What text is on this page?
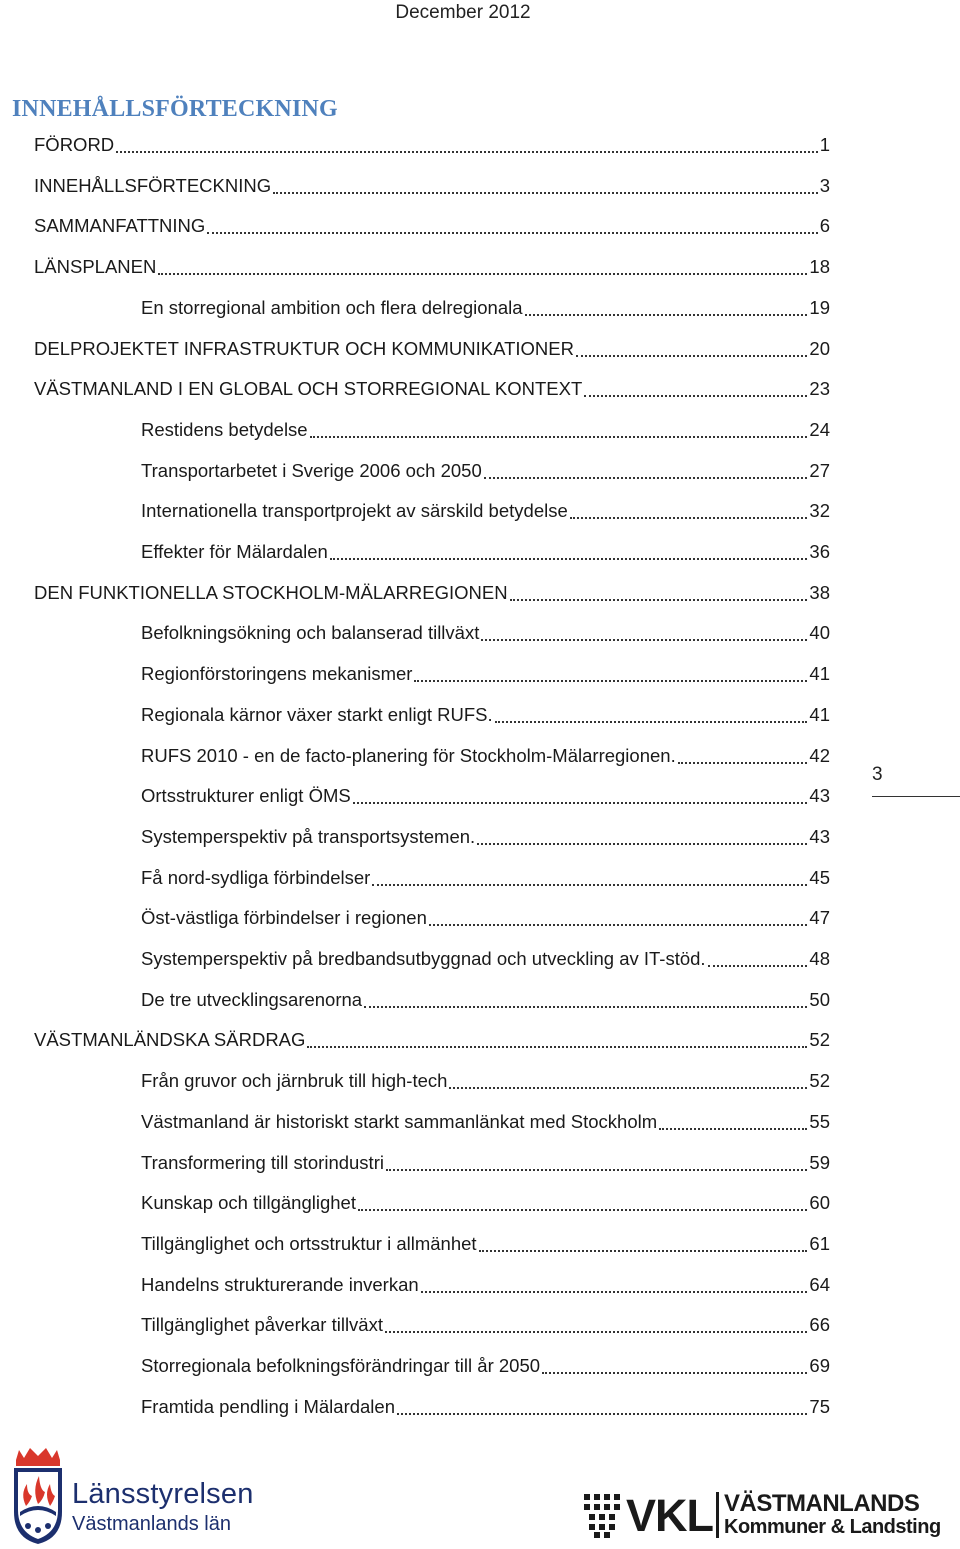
December 2012
INNEHÅLLSFÖRTECKNING
FÖRORD	1
INNEHÅLLSFÖRTECKNING	3
SAMMANFATTNING	6
LÄNSPLANEN	18
En storregional ambition och flera delregionala	19
DELPROJEKTET INFRASTRUKTUR OCH KOMMUNIKATIONER	20
VÄSTMANLAND I EN GLOBAL OCH STORREGIONAL KONTEXT	23
Restidens betydelse	24
Transportarbetet i Sverige 2006 och 2050	27
Internationella transportprojekt av särskild betydelse	32
Effekter för Mälardalen	36
DEN FUNKTIONELLA STOCKHOLM-MÄLARREGIONEN	38
Befolkningsökning och balanserad tillväxt	40
Regionförstoringens mekanismer	41
Regionala kärnor växer starkt enligt RUFS.	41
RUFS 2010 - en de facto-planering för Stockholm-Mälarregionen.	42
Ortsstrukturer enligt ÖMS	43
Systemperspektiv på transportsystemen.	43
Få nord-sydliga förbindelser	45
Öst-västliga förbindelser i regionen	47
Systemperspektiv på bredbandsutbyggnad och utveckling av IT-stöd.	48
De tre utvecklingsarenorna	50
VÄSTMANLÄNDSKA SÄRDRAG	52
Från gruvor och järnbruk till high-tech	52
Västmanland är historiskt starkt sammanlänkat med Stockholm	55
Transformering till storindustri	59
Kunskap och tillgänglighet	60
Tillgänglighet och ortsstruktur i allmänhet	61
Handelns strukturerande inverkan	64
Tillgänglighet påverkar tillväxt	66
Storregionala befolkningsförändringar till år 2050	69
Framtida pendling i Mälardalen	75
3
Länsstyrelsen
Västmanlands län	VKL VÄSTMANLANDS
Kommuner & Landsting
